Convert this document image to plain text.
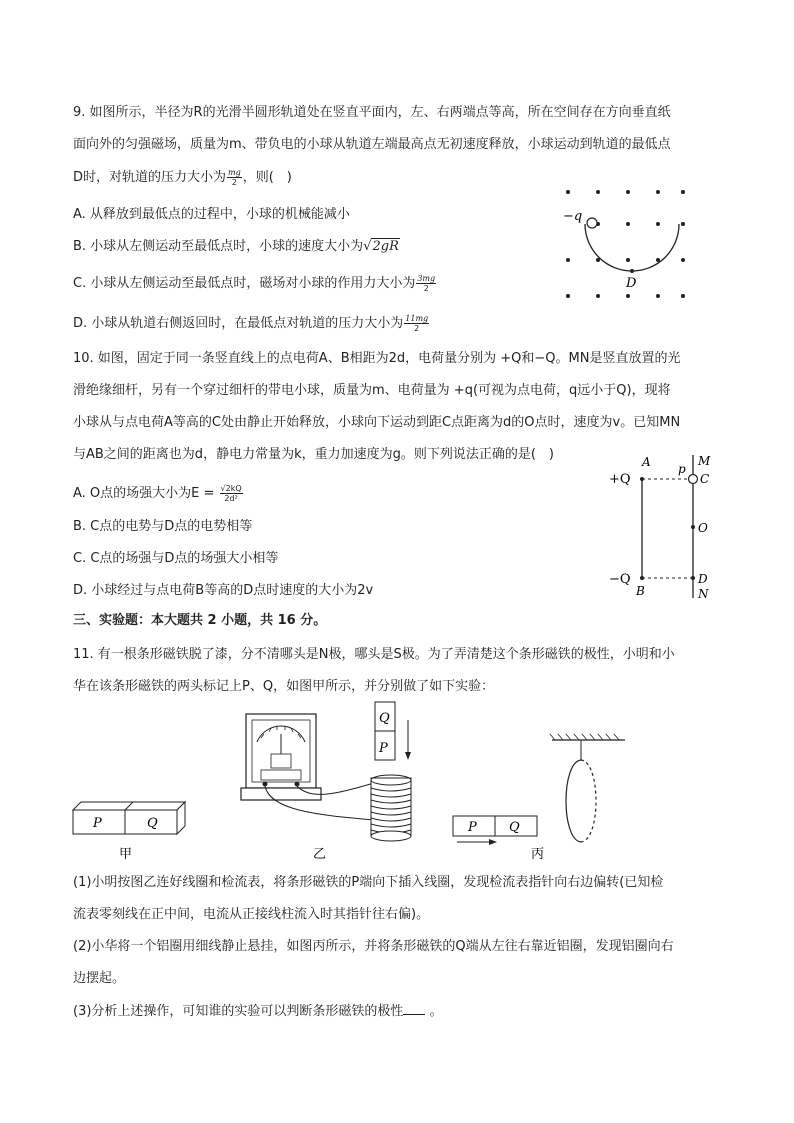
9. 如图所示，半径为R的光滑半圆形轨道处在竖直平面内，左、右两端点等高，所在空间存在方向垂直纸
面向外的匀强磁场，质量为m、带负电的小球从轨道左端最高点无初速度释放，小球运动到轨道的最低点
D时，对轨道的压力大小为 $\frac{mg}{2}$ ，则(　)
A. 从释放到最低点的过程中，小球的机械能减小
B. 小球从左侧运动至最低点时，小球的速度大小为√2gR
C. 小球从左侧运动至最低点时，磁场对小球的作用力大小为 $\frac{3mg}{2}$
D. 小球从轨道右侧返回时，在最低点对轨道的压力大小为 $\frac{11mg}{2}$
−q
D
10. 如图，固定于同一条竖直线上的点电荷A、B相距为2d，电荷量分别为 +Q和−Q。MN是竖直放置的光
滑绝缘细杆，另有一个穿过细杆的带电小球，质量为m、电荷量为 +q(可视为点电荷，q远小于Q)，现将
小球从与点电荷A等高的C处由静止开始释放，小球向下运动到距C点距离为d的O点时，速度为v。已知MN
与AB之间的距离也为d，静电力常量为k，重力加速度为g。则下列说法正确的是(　)
A. O点的场强大小为$E = \frac{√2kQ}{\text{2d²}}$
B. C点的电势与D点的电势相等
C. C点的场强与D点的场强大小相等
D. 小球经过与点电荷B等高的D点时速度的大小为2v
+Q
−Q
A
B
p
M
C
O
D
N
三、实验题：本大题共 2 小题，共 16 分。
11. 有一根条形磁铁脱了漆，分不清哪头是N极，哪头是S极。为了弄清楚这个条形磁铁的极性，小明和小
华在该条形磁铁的两头标记上P、Q，如图甲所示，并分别做了如下实验：
P	Q
甲
Q
P
乙
P Q
丙
(1)小明按图乙连好线圈和检流表，将条形磁铁的P端向下插入线圈，发现检流表指针向右边偏转(已知检
流表零刻线在正中间，电流从正接线柱流入时其指针往右偏)。
(2)小华将一个铝圈用细线静止悬挂，如图丙所示，并将条形磁铁的Q端从左往右靠近铝圈，发现铝圈向右
边摆起。
(3)分析上述操作，可知谁的实验可以判断条形磁铁的极性 。
